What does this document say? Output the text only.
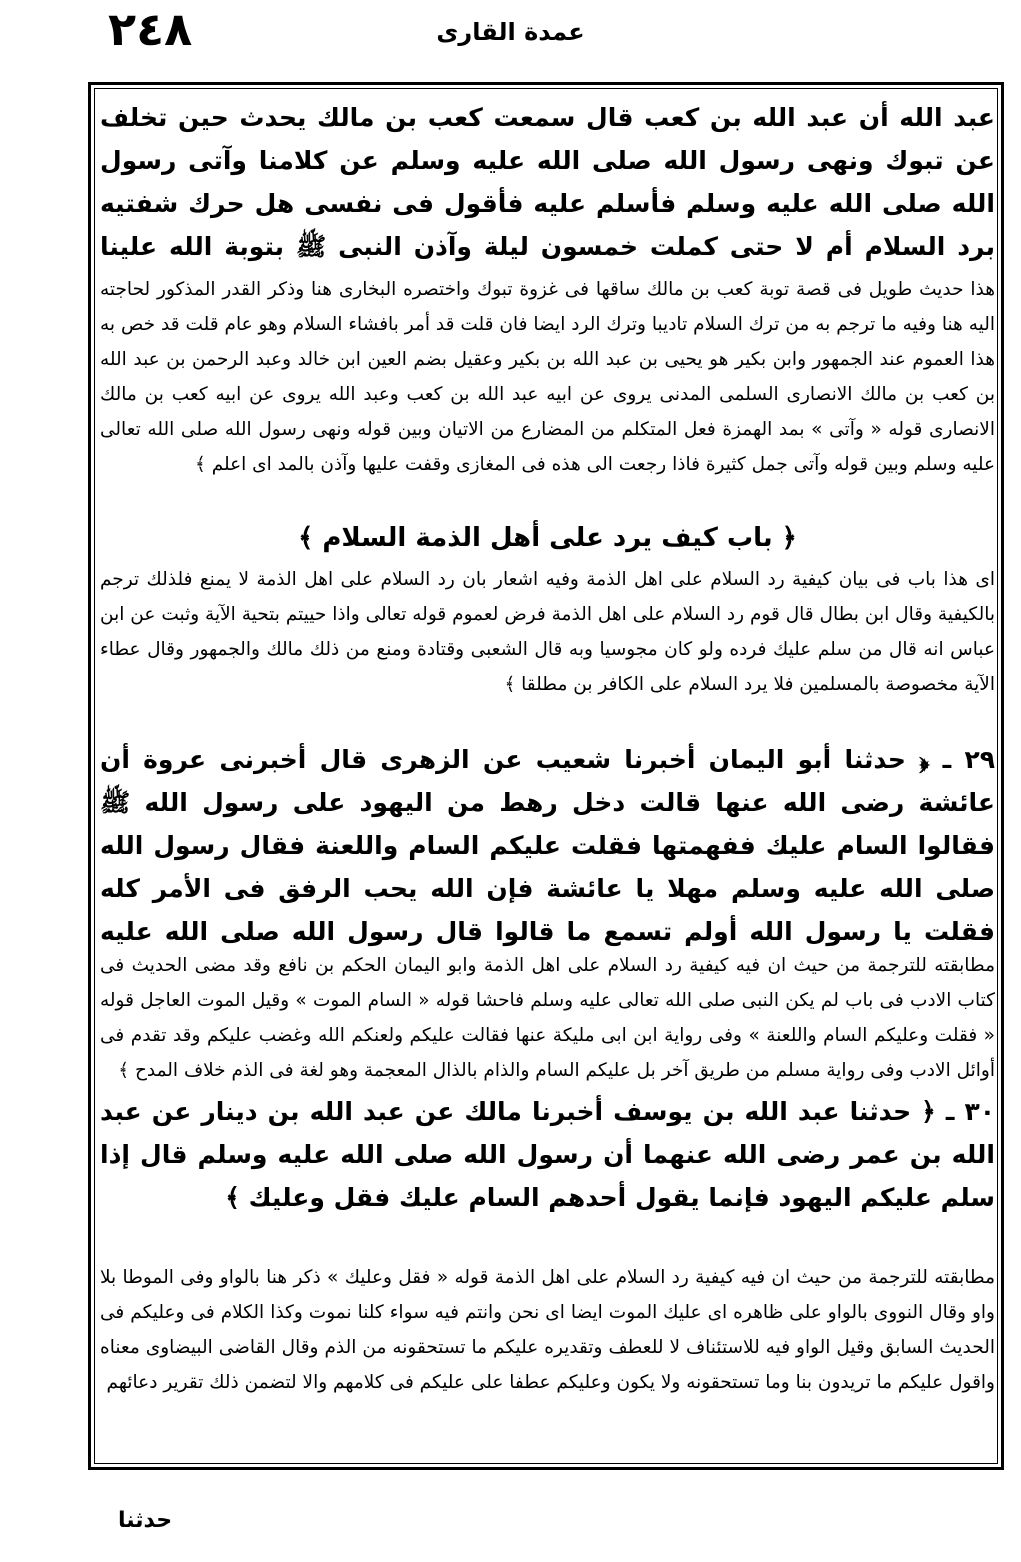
٢٤٨	عمدة القارى

عبد الله أن عبد الله بن كعب قال سمعت كعب بن مالك يحدث حين تخلف عن تبوك ونهى رسول الله صلى الله عليه وسلم عن كلامنا وآتى رسول الله صلى الله عليه وسلم فأسلم عليه فأقول فى نفسى هل حرك شفتيه برد السلام أم لا حتى كملت خمسون ليلة وآذن النبى ﷺ بتوبة الله علينا

هذا حديث طويل فى قصة توبة كعب بن مالك ساقها فى غزوة تبوك واختصره البخارى هنا وذكر القدر المذكور لحاجته اليه هنا وفيه ما ترجم به من ترك السلام تاديبا وترك الرد ايضا فان قلت قد أمر بافشاء السلام وهو عام قلت قد خص به هذا العموم عند الجمهور وابن بكير هو يحيى بن عبد الله بن بكير وعقيل بضم العين ابن خالد وعبد الرحمن بن عبد الله بن كعب بن مالك الانصارى السلمى المدنى يروى عن ابيه عبد الله بن كعب وعبد الله يروى عن ابيه كعب بن مالك الانصارى قوله « وآتى » بمد الهمزة فعل المتكلم من المضارع من الاتيان وبين قوله ونهى رسول الله صلى الله تعالى عليه وسلم وبين قوله وآتى جمل كثيرة فاذا رجعت الى هذه فى المغازى وقفت عليها وآذن بالمد اى اعلم ﴾

﴿ باب كيف يرد على أهل الذمة السلام ﴾

اى هذا باب فى بيان كيفية رد السلام على اهل الذمة وفيه اشعار بان رد السلام على اهل الذمة لا يمنع فلذلك ترجم بالكيفية وقال ابن بطال قال قوم رد السلام على اهل الذمة فرض لعموم قوله تعالى واذا حييتم بتحية الآية وثبت عن ابن عباس انه قال من سلم عليك فرده ولو كان مجوسيا وبه قال الشعبى وقتادة ومنع من ذلك مالك والجمهور وقال عطاء الآية مخصوصة بالمسلمين فلا يرد السلام على الكافر بن مطلقا ﴾

٢٩ ـ ﴿ حدثنا أبو اليمان أخبرنا شعيب عن الزهرى قال أخبرنى عروة أن عائشة رضى الله عنها قالت دخل رهط من اليهود على رسول الله ﷺ فقالوا السام عليك ففهمتها فقلت عليكم السام واللعنة فقال رسول الله صلى الله عليه وسلم مهلا يا عائشة فإن الله يحب الرفق فى الأمر كله فقلت يا رسول الله أولم تسمع ما قالوا قال رسول الله صلى الله عليه

مطابقته للترجمة من حيث ان فيه كيفية رد السلام على اهل الذمة وابو اليمان الحكم بن نافع وقد مضى الحديث فى كتاب الادب فى باب لم يكن النبى صلى الله تعالى عليه وسلم فاحشا قوله « السام الموت » وقيل الموت العاجل قوله « فقلت وعليكم السام واللعنة » وفى رواية ابن ابى مليكة عنها فقالت عليكم ولعنكم الله وغضب عليكم وقد تقدم فى أوائل الادب وفى رواية مسلم من طريق آخر بل عليكم السام والذام بالذال المعجمة وهو لغة فى الذم خلاف المدح ﴾

٣٠ ـ ﴿ حدثنا عبد الله بن يوسف أخبرنا مالك عن عبد الله بن دينار عن عبد الله بن عمر رضى الله عنهما أن رسول الله صلى الله عليه وسلم قال إذا سلم عليكم اليهود فإنما يقول أحدهم السام عليك فقل وعليك ﴾

مطابقته للترجمة من حيث ان فيه كيفية رد السلام على اهل الذمة قوله « فقل وعليك » ذكر هنا بالواو وفى الموطا بلا واو وقال النووى بالواو على ظاهره اى عليك الموت ايضا اى نحن وانتم فيه سواء كلنا نموت وكذا الكلام فى وعليكم فى الحديث السابق وقيل الواو فيه للاستئناف لا للعطف وتقديره عليكم ما تستحقونه من الذم وقال القاضى البيضاوى معناه واقول عليكم ما تريدون بنا وما تستحقونه ولا يكون وعليكم عطفا على عليكم فى كلامهم والا لتضمن ذلك تقرير دعائهم

حدثنا
